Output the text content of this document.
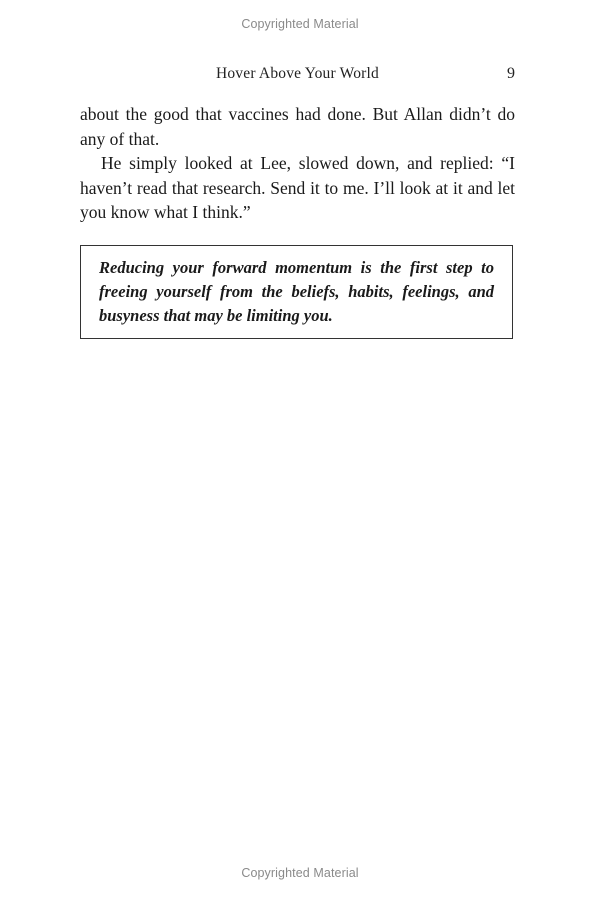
Copyrighted Material
Hover Above Your World	9

about the good that vaccines had done. But Allan didn’t do any of that.

He simply looked at Lee, slowed down, and replied: “I haven’t read that research. Send it to me. I’ll look at it and let you know what I think.”

Reducing your forward momentum is the first step to freeing yourself from the beliefs, habits, feelings, and busyness that may be limiting you.

Copyrighted Material
